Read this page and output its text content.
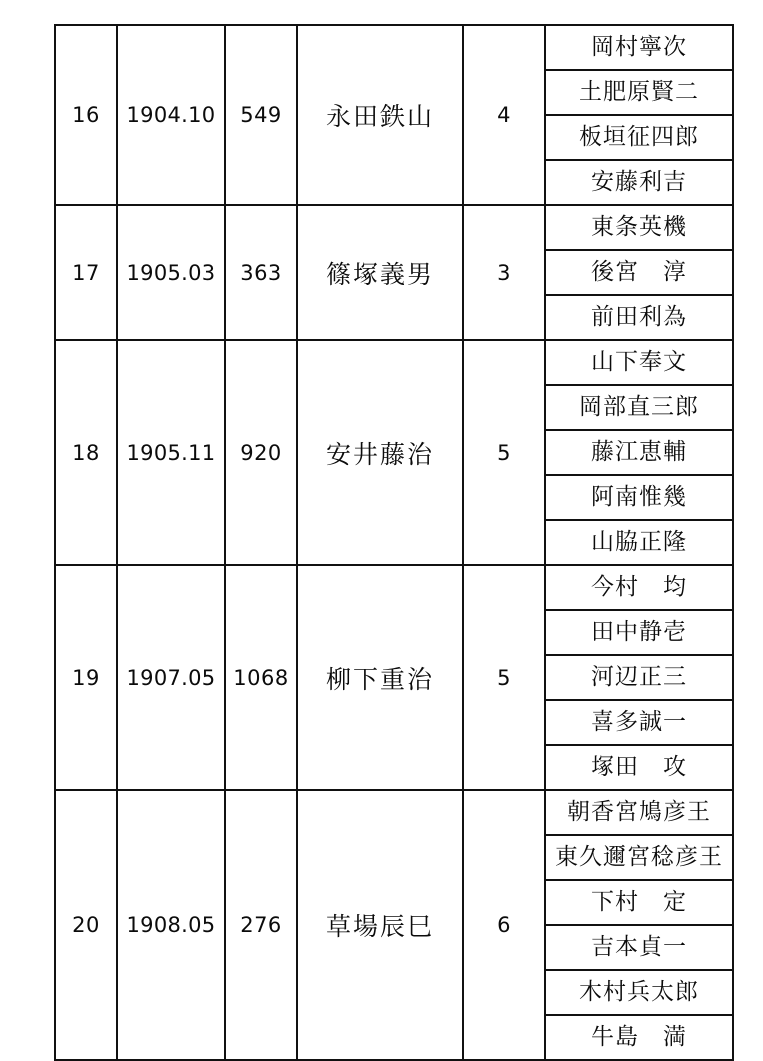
16	1904.10	549	永田鉄山	4	岡村寧次
					土肥原賢二
					板垣征四郎
					安藤利吉
17	1905.03	363	篠塚義男	3	東条英機
					後宮　淳
					前田利為
18	1905.11	920	安井藤治	5	山下奉文
					岡部直三郎
					藤江恵輔
					阿南惟幾
					山脇正隆
19	1907.05	1068	柳下重治	5	今村　均
					田中静壱
					河辺正三
					喜多誠一
					塚田　攻
20	1908.05	276	草場辰巳	6	朝香宮鳩彦王
					東久邇宮稔彦王
					下村　定
					吉本貞一
					木村兵太郎
					牛島　満
